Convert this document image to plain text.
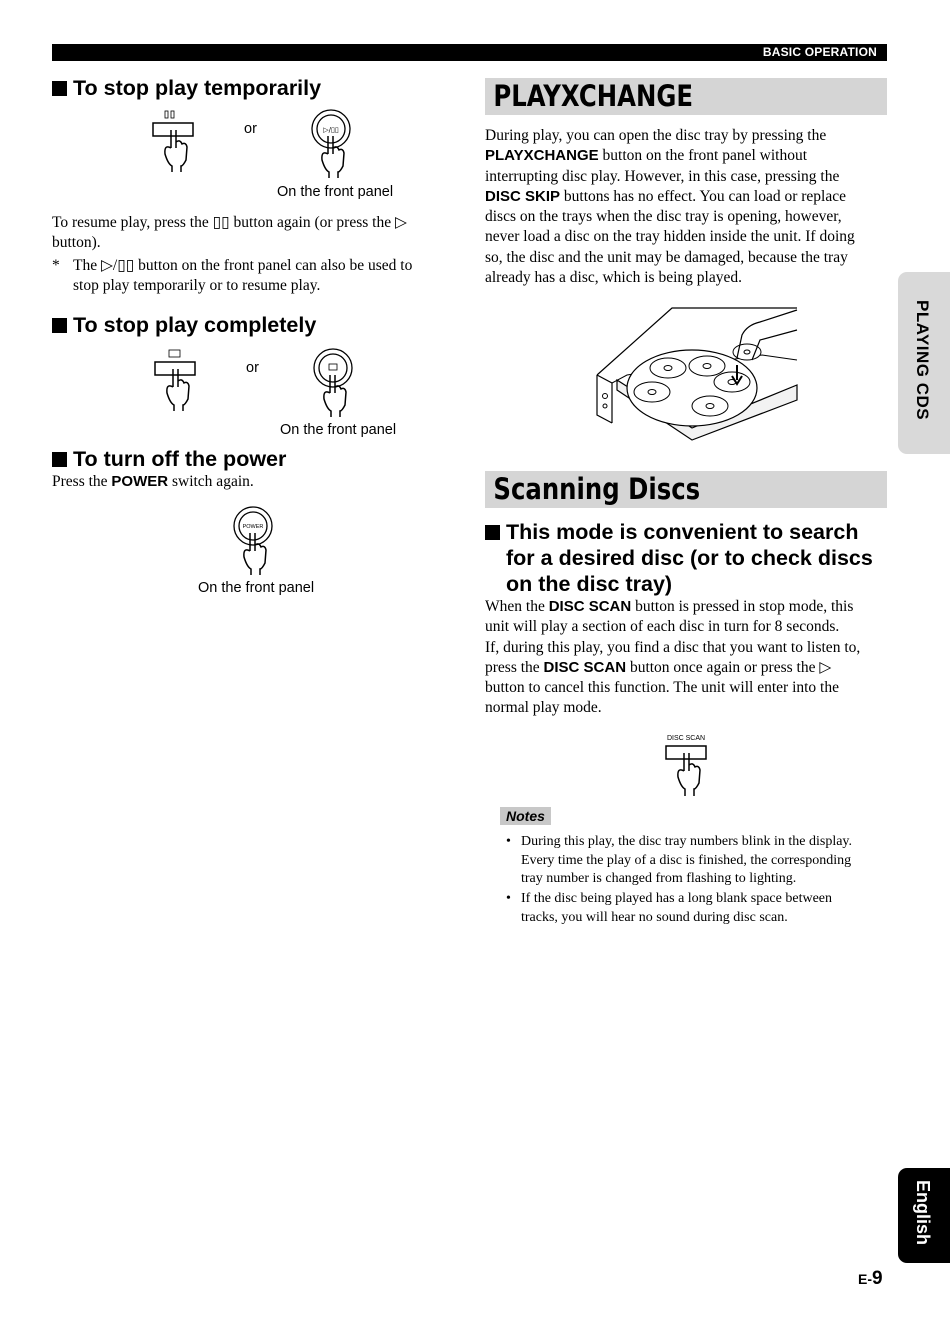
BASIC OPERATION
To stop play temporarily
or	▷/▯▯
On the front panel
To resume play, press the ▯▯ button again (or press the ▷
button).
* The ▷/▯▯ button on the front panel can also be used to
stop play temporarily or to resume play.
To stop play completely
or
On the front panel
To turn off the power
Press the POWER switch again.
POWER
On the front panel
PLAYXCHANGE
During play, you can open the disc tray by pressing the
PLAYXCHANGE button on the front panel without
interrupting disc play. However, in this case, pressing the
DISC SKIP buttons has no effect. You can load or replace
discs on the trays when the disc tray is opening, however,
never load a disc on the tray hidden inside the unit. If doing
so, the disc and the unit may be damaged, because the tray
already has a disc, which is being played.
Scanning Discs
This mode is convenient to search
for a desired disc (or to check discs
on the disc tray)
When the DISC SCAN button is pressed in stop mode, this
unit will play a section of each disc in turn for 8 seconds.
If, during this play, you find a disc that you want to listen to,
press the DISC SCAN button once again or press the ▷
button to cancel this function. The unit will enter into the
normal play mode.
DISC SCAN
Notes
• During this play, the disc tray numbers blink in the display.
Every time the play of a disc is finished, the corresponding
tray number is changed from flashing to lighting.
• If the disc being played has a long blank space between
tracks, you will hear no sound during disc scan.
PLAYING CDS
English
E-9
